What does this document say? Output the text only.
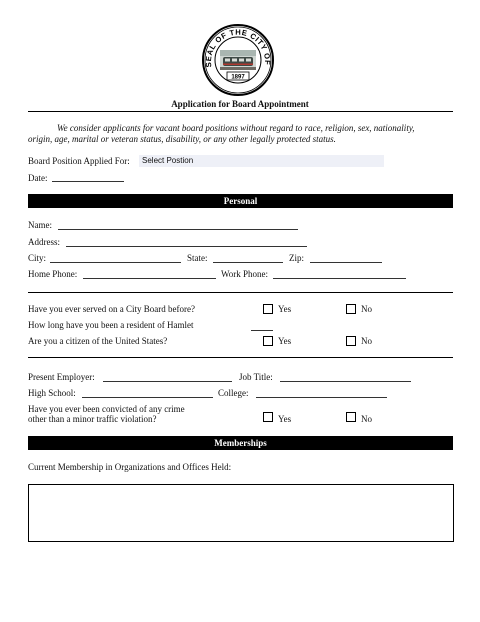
SEAL OF THE CITY OF
1897
Application for Board Appointment
We consider applicants for vacant board positions without regard to race, religion, sex, nationality,
origin, age, marital or veteran status, disability, or any other legally protected status.
Board Position Applied For:	Select Postion
Date:
Personal
Name:
Address:
City:	State:	Zip:
Home Phone:	Work Phone:
Have you ever served on a City Board before?	Yes	No
How long have you been a resident of Hamlet
Are you a citizen of the United States?	Yes	No
Present Employer:	Job Title:
High School:	College:
Have you ever been convicted of any crime
other than a minor traffic violation?	Yes	No
Memberships
Current Membership in Organizations and Offices Held:
